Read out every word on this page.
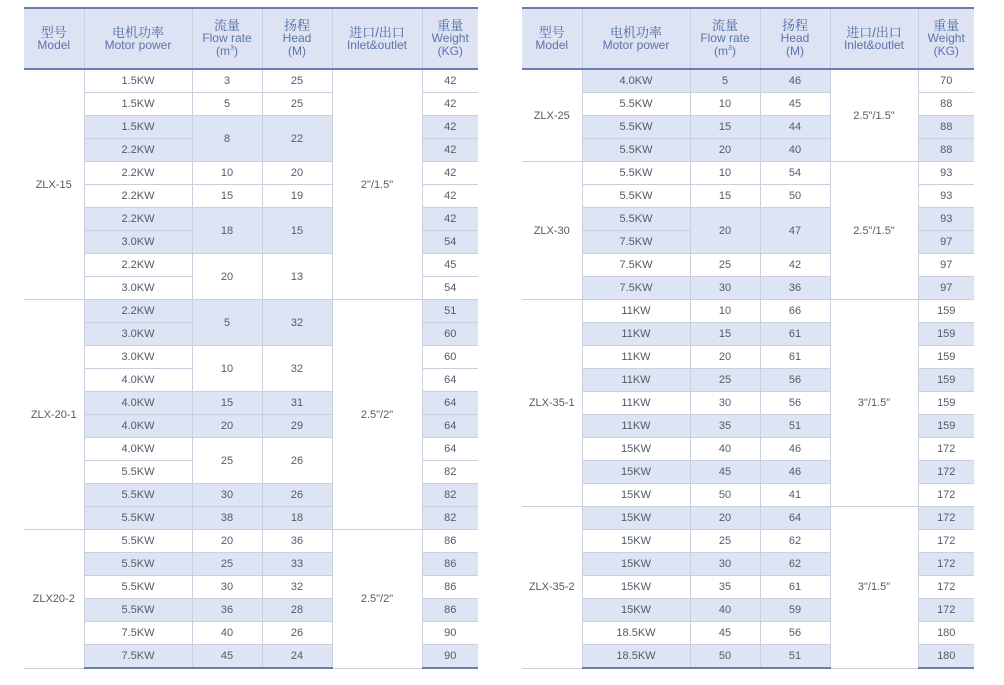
型号
Model	电机功率
Motor power	流量
Flow rate
$(m^3)$	扬程
Head
(M)	进口/出口
Inlet&outlet	重量
Weight
(KG)

ZLX-15	1.5KW	3	25	2"/1.5"	42
	1.5KW	5	25		42
	1.5KW	8	22		42
	2.2KW				42
	2.2KW	10	20		42
	2.2KW	15	19		42
	2.2KW	18	15		42
	3.0KW				54
	2.2KW	20	13		45
	3.0KW				54
ZLX-20-1	2.2KW	5	32	2.5"/2"	51
	3.0KW				60
	3.0KW	10	32		60
	4.0KW				64
	4.0KW	15	31		64
	4.0KW	20	29		64
	4.0KW	25	26		64
	5.5KW				82
	5.5KW	30	26		82
	5.5KW	38	18		82
ZLX20-2	5.5KW	20	36	2.5"/2"	86
	5.5KW	25	33		86
	5.5KW	30	32		86
	5.5KW	36	28		86
	7.5KW	40	26		90
	7.5KW	45	24		90
型号
Model	电机功率
Motor power	流量
Flow rate
$(m^3)$	扬程
Head
(M)	进口/出口
Inlet&outlet	重量
Weight
(KG)

ZLX-25	4.0KW	5	46	2.5"/1.5"	70
	5.5KW	10	45		88
	5.5KW	15	44		88
	5.5KW	20	40		88
ZLX-30	5.5KW	10	54	2.5"/1.5"	93
	5.5KW	15	50		93
	5.5KW	20	47		93
	7.5KW				97
	7.5KW	25	42		97
	7.5KW	30	36		97
ZLX-35-1	11KW	10	66	3"/1.5"	159
	11KW	15	61		159
	11KW	20	61		159
	11KW	25	56		159
	11KW	30	56		159
	11KW	35	51		159
	15KW	40	46		172
	15KW	45	46		172
	15KW	50	41		172
ZLX-35-2	15KW	20	64	3"/1.5"	172
	15KW	25	62		172
	15KW	30	62		172
	15KW	35	61		172
	15KW	40	59		172
	18.5KW	45	56		180
	18.5KW	50	51		180
